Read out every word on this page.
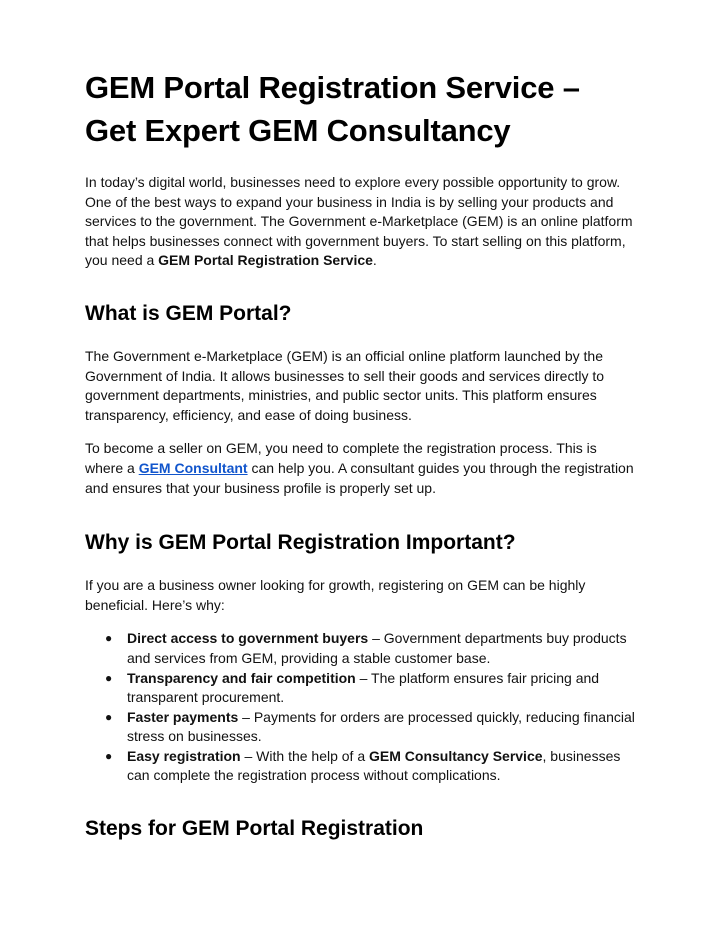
GEM Portal Registration Service – Get Expert GEM Consultancy

In today’s digital world, businesses need to explore every possible opportunity to grow. One of the best ways to expand your business in India is by selling your products and services to the government. The Government e-Marketplace (GEM) is an online platform that helps businesses connect with government buyers. To start selling on this platform, you need a GEM Portal Registration Service.

What is GEM Portal?

The Government e-Marketplace (GEM) is an official online platform launched by the Government of India. It allows businesses to sell their goods and services directly to government departments, ministries, and public sector units. This platform ensures transparency, efficiency, and ease of doing business.

To become a seller on GEM, you need to complete the registration process. This is where a GEM Consultant can help you. A consultant guides you through the registration and ensures that your business profile is properly set up.

Why is GEM Portal Registration Important?

If you are a business owner looking for growth, registering on GEM can be highly beneficial. Here’s why:

● Direct access to government buyers – Government departments buy products and services from GEM, providing a stable customer base.
● Transparency and fair competition – The platform ensures fair pricing and transparent procurement.
● Faster payments – Payments for orders are processed quickly, reducing financial stress on businesses.
● Easy registration – With the help of a GEM Consultancy Service, businesses can complete the registration process without complications.
Steps for GEM Portal Registration
